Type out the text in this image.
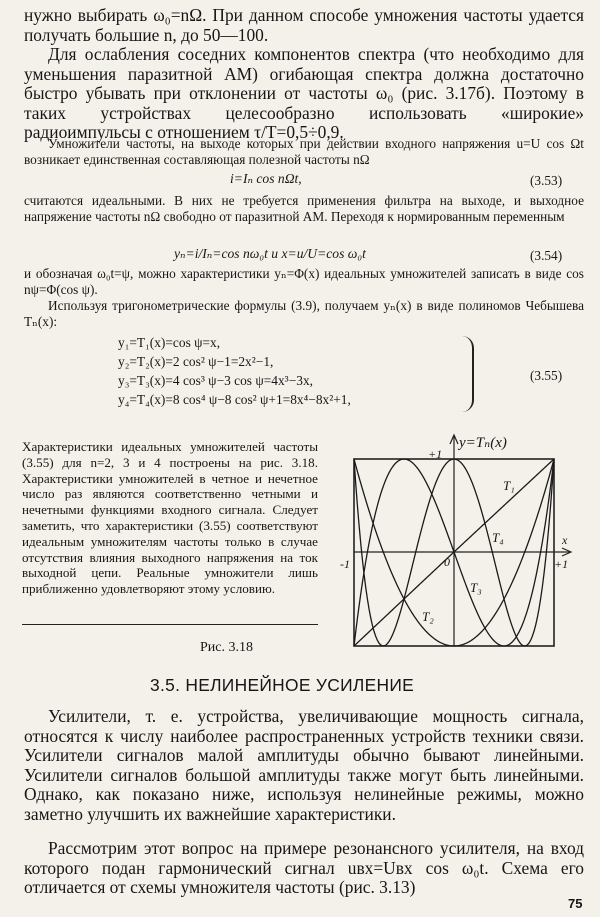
нужно выбирать ω₀=nΩ. При данном способе умножения частоты удается получать большие n, до 50—100.

Для ослабления соседних компонентов спектра (что необходимо для уменьшения паразитной АМ) огибающая спектра должна достаточно быстро убывать при отклонении от частоты ω₀ (рис. 3.17б). Поэтому в таких устройствах целесообразно использовать «широкие» радиоимпульсы с отношением τ/T=0,5÷0,9.

Умножители частоты, на выходе которых при действии входного напряжения u=U cos Ωt возникает единственная составляющая полезной частоты nΩ

i=Iₙ cos nΩt,	(3.53)

считаются идеальными. В них не требуется применения фильтра на выходе, и выходное напряжение частоты nΩ свободно от паразитной АМ. Переходя к нормированным переменным

yₙ=i/Iₙ=cos nω₀t и x=u/U=cos ω₀t	(3.54)

и обозначая ω₀t=ψ, можно характеристики yₙ=Φ(x) идеальных умножителей записать в виде cos nψ=Φ(cos ψ).

Используя тригонометрические формулы (3.9), получаем yₙ(x) в виде полиномов Чебышева Tₙ(x):

y₁=T₁(x)=cos ψ=x,
y₂=T₂(x)=2 cos² ψ−1=2x²−1,
y₃=T₃(x)=4 cos³ ψ−3 cos ψ=4x³−3x,
y₄=T₄(x)=8 cos⁴ ψ−8 cos² ψ+1=8x⁴−8x²+1,
(3.55)

Характеристики идеальных умножителей частоты (3.55) для n=2, 3 и 4 построены на рис. 3.18. Характеристики умножителей в четное и нечетное число раз являются соответственно четными и нечетными функциями входного сигнала. Следует заметить, что характеристики (3.55) соответствуют идеальным умножителям частоты только в случае отсутствия влияния выходного напряжения на ток выходной цепи. Реальные умножители лишь приближенно удовлетворяют этому условию.

Рис. 3.18
y=Tₙ(x)
+1
-1	+1
0
x
T₁
T₄
T₃
T₂
3.5. НЕЛИНЕЙНОЕ УСИЛЕНИЕ

Усилители, т. е. устройства, увеличивающие мощность сигнала, относятся к числу наиболее распространенных устройств техники связи. Усилители сигналов малой амплитуды обычно бывают линейными. Усилители сигналов большой амплитуды также могут быть линейными. Однако, как показано ниже, используя нелинейные режимы, можно заметно улучшить их важнейшие характеристики.

Рассмотрим этот вопрос на примере резонансного усилителя, на вход которого подан гармонический сигнал uвх=Uвх cos ω₀t. Схема его отличается от схемы умножителя частоты (рис. 3.13)

75
